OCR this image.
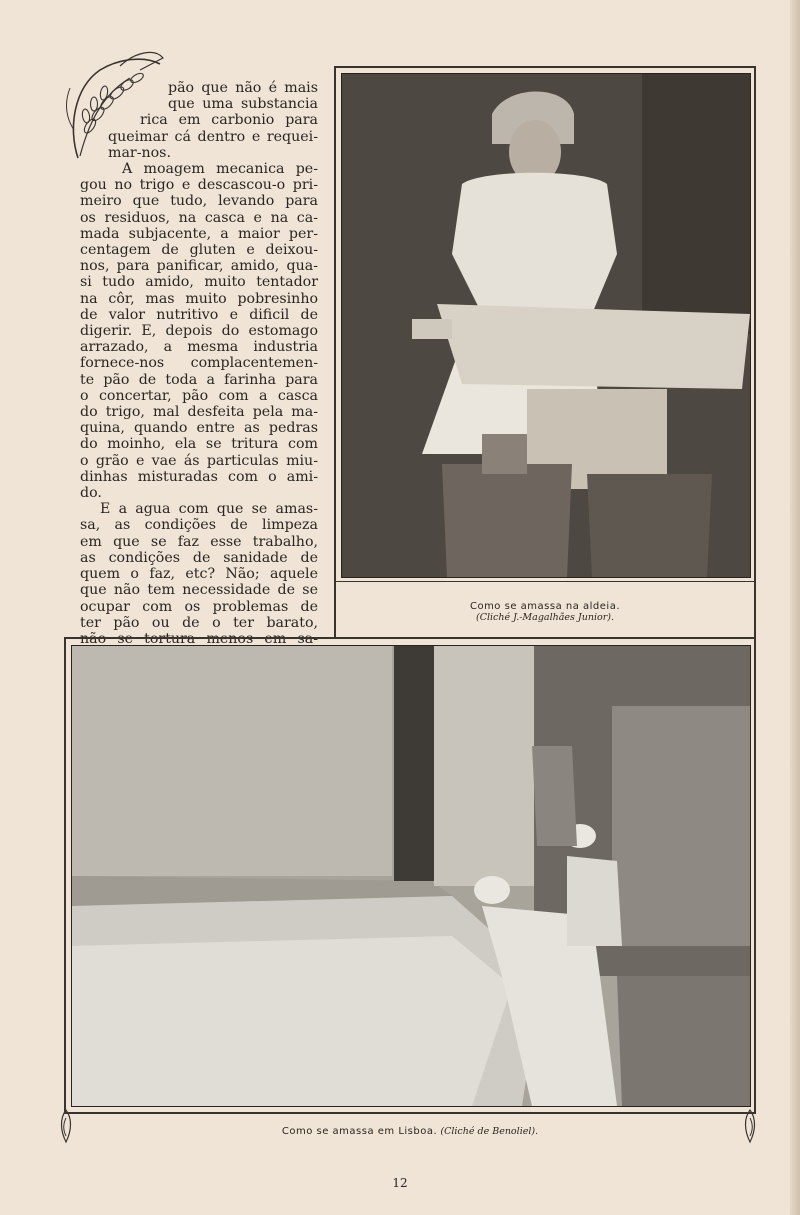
pão que não é mais
que uma substancia
rica em carbonio para
queimar cá dentro e requei-
mar-nos.
A moagem mecanica pe-
gou no trigo e descascou-o pri-
meiro que tudo, levando para
os residuos, na casca e na ca-
mada subjacente, a maior per-
centagem de gluten e deixou-
nos, para panificar, amido, qua-
si tudo amido, muito tentador
na côr, mas muito pobresinho
de valor nutritivo e dificil de
digerir. E, depois do estomago
arrazado, a mesma industria
fornece-nos complacentemen-
te pão de toda a farinha para
o concertar, pão com a casca
do trigo, mal desfeita pela ma-
quina, quando entre as pedras
do moinho, ela se tritura com
o grão e vae ás particulas miu-
dinhas misturadas com o ami-
do.
E a agua com que se amas-
sa, as condições de limpeza
em que se faz esse trabalho,
as condições de sanidade de
quem o faz, etc? Não; aquele
que não tem necessidade de se
ocupar com os problemas de
ter pão ou de o ter barato,
Como se amassa na aldeia.
(Cliché J.-Magalhães Junior).
Como se amassa em Lisboa. (Cliché de Benoliel).
12
